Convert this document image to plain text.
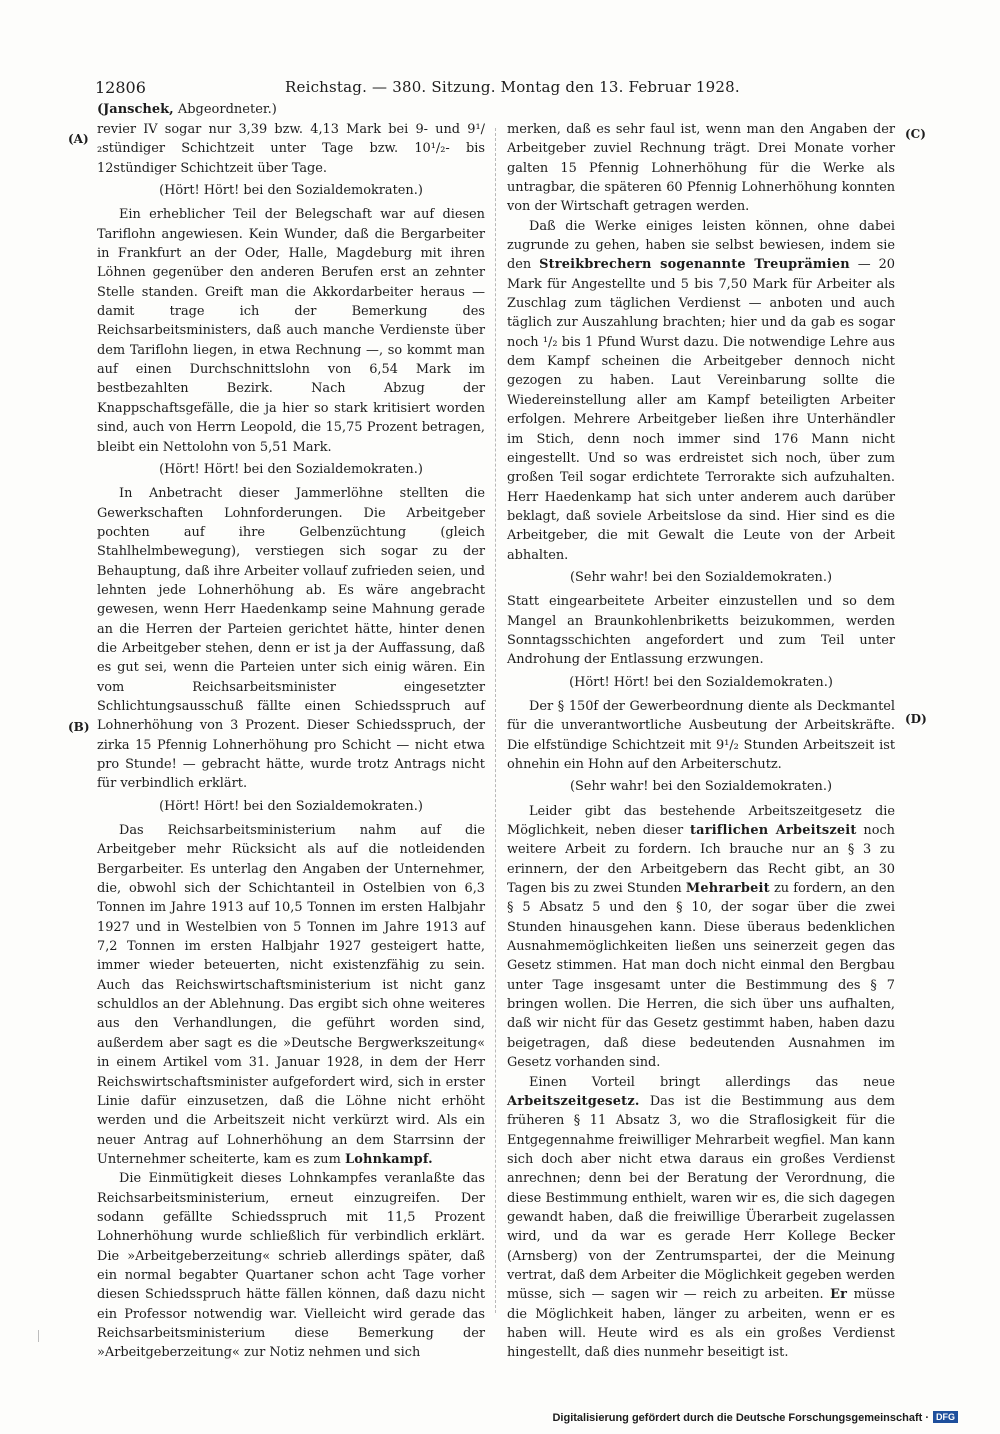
12806	Reichstag. — 380. Sitzung. Montag den 13. Februar 1928.
(Janschek, Abgeordneter.)
(A)
(B)
(C)
(D)

revier IV sogar nur 3,39 bzw. 4,13 Mark bei 9- und 9¹/₂stündiger Schichtzeit unter Tage bzw. 10¹/₂- bis 12stündiger Schichtzeit über Tage.

(Hört! Hört! bei den Sozialdemokraten.)

Ein erheblicher Teil der Belegschaft war auf diesen Tariflohn angewiesen. Kein Wunder, daß die Bergarbeiter in Frankfurt an der Oder, Halle, Magdeburg mit ihren Löhnen gegenüber den anderen Berufen erst an zehnter Stelle standen. Greift man die Akkordarbeiter heraus — damit trage ich der Bemerkung des Reichsarbeitsministers, daß auch manche Verdienste über dem Tariflohn liegen, in etwa Rechnung —, so kommt man auf einen Durchschnittslohn von 6,54 Mark im bestbezahlten Bezirk. Nach Abzug der Knappschaftsgefälle, die ja hier so stark kritisiert worden sind, auch von Herrn Leopold, die 15,75 Prozent betragen, bleibt ein Nettolohn von 5,51 Mark.

(Hört! Hört! bei den Sozialdemokraten.)

In Anbetracht dieser Jammerlöhne stellten die Gewerkschaften Lohnforderungen. Die Arbeitgeber pochten auf ihre Gelbenzüchtung (gleich Stahlhelmbewegung), verstiegen sich sogar zu der Behauptung, daß ihre Arbeiter vollauf zufrieden seien, und lehnten jede Lohnerhöhung ab. Es wäre angebracht gewesen, wenn Herr Haedenkamp seine Mahnung gerade an die Herren der Parteien gerichtet hätte, hinter denen die Arbeitgeber stehen, denn er ist ja der Auffassung, daß es gut sei, wenn die Parteien unter sich einig wären. Ein vom Reichsarbeitsminister eingesetzter Schlichtungsausschuß fällte einen Schiedsspruch auf Lohnerhöhung von 3 Prozent. Dieser Schiedsspruch, der zirka 15 Pfennig Lohnerhöhung pro Schicht — nicht etwa pro Stunde! — gebracht hätte, wurde trotz Antrags nicht für verbindlich erklärt.

(Hört! Hört! bei den Sozialdemokraten.)

Das Reichsarbeitsministerium nahm auf die Arbeitgeber mehr Rücksicht als auf die notleidenden Bergarbeiter. Es unterlag den Angaben der Unternehmer, die, obwohl sich der Schichtanteil in Ostelbien von 6,3 Tonnen im Jahre 1913 auf 10,5 Tonnen im ersten Halbjahr 1927 und in Westelbien von 5 Tonnen im Jahre 1913 auf 7,2 Tonnen im ersten Halbjahr 1927 gesteigert hatte, immer wieder beteuerten, nicht existenzfähig zu sein. Auch das Reichswirtschaftsministerium ist nicht ganz schuldlos an der Ablehnung. Das ergibt sich ohne weiteres aus den Verhandlungen, die geführt worden sind, außerdem aber sagt es die »Deutsche Bergwerkszeitung« in einem Artikel vom 31. Januar 1928, in dem der Herr Reichswirtschaftsminister aufgefordert wird, sich in erster Linie dafür einzusetzen, daß die Löhne nicht erhöht werden und die Arbeitszeit nicht verkürzt wird. Als ein neuer Antrag auf Lohnerhöhung an dem Starrsinn der Unternehmer scheiterte, kam es zum Lohnkampf.

Die Einmütigkeit dieses Lohnkampfes veranlaßte das Reichsarbeitsministerium, erneut einzugreifen. Der sodann gefällte Schiedsspruch mit 11,5 Prozent Lohnerhöhung wurde schließlich für verbindlich erklärt. Die »Arbeitgeberzeitung« schrieb allerdings später, daß ein normal begabter Quartaner schon acht Tage vorher diesen Schiedsspruch hätte fällen können, daß dazu nicht ein Professor notwendig war. Vielleicht wird gerade das Reichsarbeitsministerium diese Bemerkung der »Arbeitgeberzeitung« zur Notiz nehmen und sich

merken, daß es sehr faul ist, wenn man den Angaben der Arbeitgeber zuviel Rechnung trägt. Drei Monate vorher galten 15 Pfennig Lohnerhöhung für die Werke als untragbar, die späteren 60 Pfennig Lohnerhöhung konnten von der Wirtschaft getragen werden.

Daß die Werke einiges leisten können, ohne dabei zugrunde zu gehen, haben sie selbst bewiesen, indem sie den Streikbrechern sogenannte Treuprämien — 20 Mark für Angestellte und 5 bis 7,50 Mark für Arbeiter als Zuschlag zum täglichen Verdienst — anboten und auch täglich zur Auszahlung brachten; hier und da gab es sogar noch ¹/₂ bis 1 Pfund Wurst dazu. Die notwendige Lehre aus dem Kampf scheinen die Arbeitgeber dennoch nicht gezogen zu haben. Laut Vereinbarung sollte die Wiedereinstellung aller am Kampf beteiligten Arbeiter erfolgen. Mehrere Arbeitgeber ließen ihre Unterhändler im Stich, denn noch immer sind 176 Mann nicht eingestellt. Und so was erdreistet sich noch, über zum großen Teil sogar erdichtete Terrorakte sich aufzuhalten. Herr Haedenkamp hat sich unter anderem auch darüber beklagt, daß soviele Arbeitslose da sind. Hier sind es die Arbeitgeber, die mit Gewalt die Leute von der Arbeit abhalten.

(Sehr wahr! bei den Sozialdemokraten.)

Statt eingearbeitete Arbeiter einzustellen und so dem Mangel an Braunkohlenbriketts beizukommen, werden Sonntagsschichten angefordert und zum Teil unter Androhung der Entlassung erzwungen.

(Hört! Hört! bei den Sozialdemokraten.)

Der § 150f der Gewerbeordnung diente als Deckmantel für die unverantwortliche Ausbeutung der Arbeitskräfte. Die elfstündige Schichtzeit mit 9¹/₂ Stunden Arbeitszeit ist ohnehin ein Hohn auf den Arbeiterschutz.

(Sehr wahr! bei den Sozialdemokraten.)

Leider gibt das bestehende Arbeitszeitgesetz die Möglichkeit, neben dieser tariflichen Arbeitszeit noch weitere Arbeit zu fordern. Ich brauche nur an § 3 zu erinnern, der den Arbeitgebern das Recht gibt, an 30 Tagen bis zu zwei Stunden Mehrarbeit zu fordern, an den § 5 Absatz 5 und den § 10, der sogar über die zwei Stunden hinausgehen kann. Diese überaus bedenklichen Ausnahmemöglichkeiten ließen uns seinerzeit gegen das Gesetz stimmen. Hat man doch nicht einmal den Bergbau unter Tage insgesamt unter die Bestimmung des § 7 bringen wollen. Die Herren, die sich über uns aufhalten, daß wir nicht für das Gesetz gestimmt haben, haben dazu beigetragen, daß diese bedeutenden Ausnahmen im Gesetz vorhanden sind.

Einen Vorteil bringt allerdings das neue Arbeitszeitgesetz. Das ist die Bestimmung aus dem früheren § 11 Absatz 3, wo die Straflosigkeit für die Entgegennahme freiwilliger Mehrarbeit wegfiel. Man kann sich doch aber nicht etwa daraus ein großes Verdienst anrechnen; denn bei der Beratung der Verordnung, die diese Bestimmung enthielt, waren wir es, die sich dagegen gewandt haben, daß die freiwillige Überarbeit zugelassen wird, und da war es gerade Herr Kollege Becker (Arnsberg) von der Zentrumspartei, der die Meinung vertrat, daß dem Arbeiter die Möglichkeit gegeben werden müsse, sich — sagen wir — reich zu arbeiten. Er müsse die Möglichkeit haben, länger zu arbeiten, wenn er es haben will. Heute wird es als ein großes Verdienst hingestellt, daß dies nunmehr beseitigt ist.

Digitalisierung gefördert durch die Deutsche Forschungsgemeinschaft · DFG
